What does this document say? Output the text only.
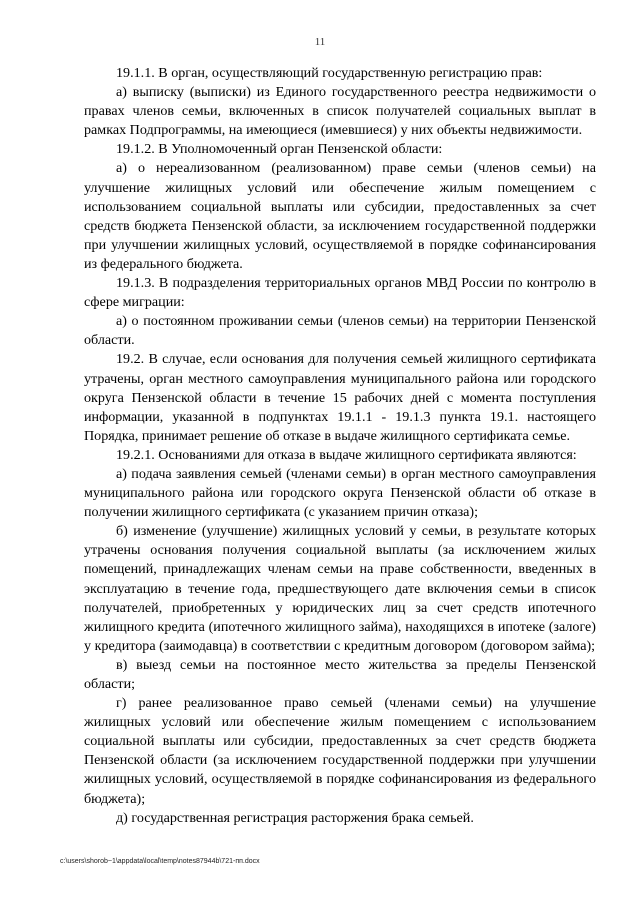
11

19.1.1. В орган, осуществляющий государственную регистрацию прав:

а) выписку (выписки) из Единого государственного реестра недвижимости о правах членов семьи, включенных в список получателей социальных выплат в рамках Подпрограммы, на имеющиеся (имевшиеся) у них объекты недвижимости.

19.1.2. В Уполномоченный орган Пензенской области:

а) о нереализованном (реализованном) праве семьи (членов семьи) на улучшение жилищных условий или обеспечение жилым помещением с использованием социальной выплаты или субсидии, предоставленных за счет средств бюджета Пензенской области, за исключением государственной поддержки при улучшении жилищных условий, осуществляемой в порядке софинансирования из федерального бюджета.

19.1.3. В подразделения территориальных органов МВД России по контролю в сфере миграции:

а) о постоянном проживании семьи (членов семьи) на территории Пензенской области.

19.2. В случае, если основания для получения семьей жилищного сертификата утрачены, орган местного самоуправления муниципального района или городского округа Пензенской области в течение 15 рабочих дней с момента поступления информации, указанной в подпунктах 19.1.1 - 19.1.3 пункта 19.1. настоящего Порядка, принимает решение об отказе в выдаче жилищного сертификата семье.

19.2.1. Основаниями для отказа в выдаче жилищного сертификата являются:

а) подача заявления семьей (членами семьи) в орган местного самоуправления муниципального района или городского округа Пензенской области об отказе в получении жилищного сертификата (с указанием причин отказа);

б) изменение (улучшение) жилищных условий у семьи, в результате которых утрачены основания получения социальной выплаты (за исключением жилых помещений, принадлежащих членам семьи на праве собственности, введенных в эксплуатацию в течение года, предшествующего дате включения семьи в список получателей, приобретенных у юридических лиц за счет средств ипотечного жилищного кредита (ипотечного жилищного займа), находящихся в ипотеке (залоге) у кредитора (заимодавца) в соответствии с кредитным договором (договором займа);

в) выезд семьи на постоянное место жительства за пределы Пензенской области;

г) ранее реализованное право семьей (членами семьи) на улучшение жилищных условий или обеспечение жилым помещением с использованием социальной выплаты или субсидии, предоставленных за счет средств бюджета Пензенской области (за исключением государственной поддержки при улучшении жилищных условий, осуществляемой в порядке софинансирования из федерального бюджета);

д) государственная регистрация расторжения брака семьей.

c:\users\shorob~1\appdata\local\temp\notes87944b\721-пп.docx
